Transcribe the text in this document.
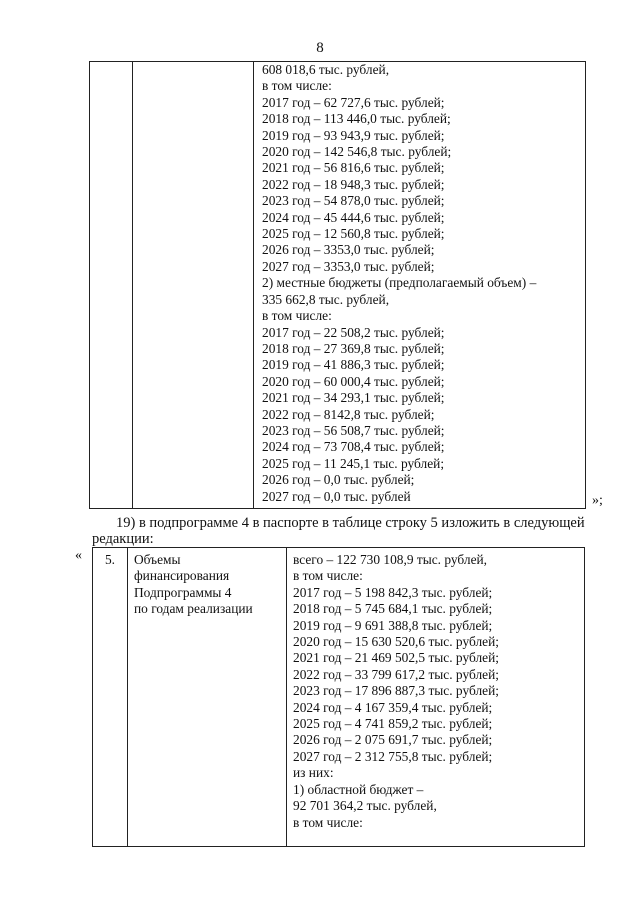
8

608 018,6 тыс. рублей,
в том числе:
2017 год – 62 727,6 тыс. рублей;
2018 год – 113 446,0 тыс. рублей;
2019 год – 93 943,9 тыс. рублей;
2020 год – 142 546,8 тыс. рублей;
2021 год – 56 816,6 тыс. рублей;
2022 год – 18 948,3 тыс. рублей;
2023 год – 54 878,0 тыс. рублей;
2024 год – 45 444,6 тыс. рублей;
2025 год – 12 560,8 тыс. рублей;
2026 год – 3353,0 тыс. рублей;
2027 год – 3353,0 тыс. рублей;
2) местные бюджеты (предполагаемый объем) –
335 662,8 тыс. рублей,
в том числе:
2017 год – 22 508,2 тыс. рублей;
2018 год – 27 369,8 тыс. рублей;
2019 год – 41 886,3 тыс. рублей;
2020 год – 60 000,4 тыс. рублей;
2021 год – 34 293,1 тыс. рублей;
2022 год – 8142,8 тыс. рублей;
2023 год – 56 508,7 тыс. рублей;
2024 год – 73 708,4 тыс. рублей;
2025 год – 11 245,1 тыс. рублей;
2026 год – 0,0 тыс. рублей;
2027 год – 0,0 тыс. рублей	»;
19) в подпрограмме 4 в паспорте в таблице строку 5 изложить в следующей редакции:
« 5.	Объемы
финансирования
Подпрограммы 4
по годам реализации

всего – 122 730 108,9 тыс. рублей,
в том числе:
2017 год – 5 198 842,3 тыс. рублей;
2018 год – 5 745 684,1 тыс. рублей;
2019 год – 9 691 388,8 тыс. рублей;
2020 год – 15 630 520,6 тыс. рублей;
2021 год – 21 469 502,5 тыс. рублей;
2022 год – 33 799 617,2 тыс. рублей;
2023 год – 17 896 887,3 тыс. рублей;
2024 год – 4 167 359,4 тыс. рублей;
2025 год – 4 741 859,2 тыс. рублей;
2026 год – 2 075 691,7 тыс. рублей;
2027 год – 2 312 755,8 тыс. рублей;
из них:
1) областной бюджет –
92 701 364,2 тыс. рублей,
в том числе:
